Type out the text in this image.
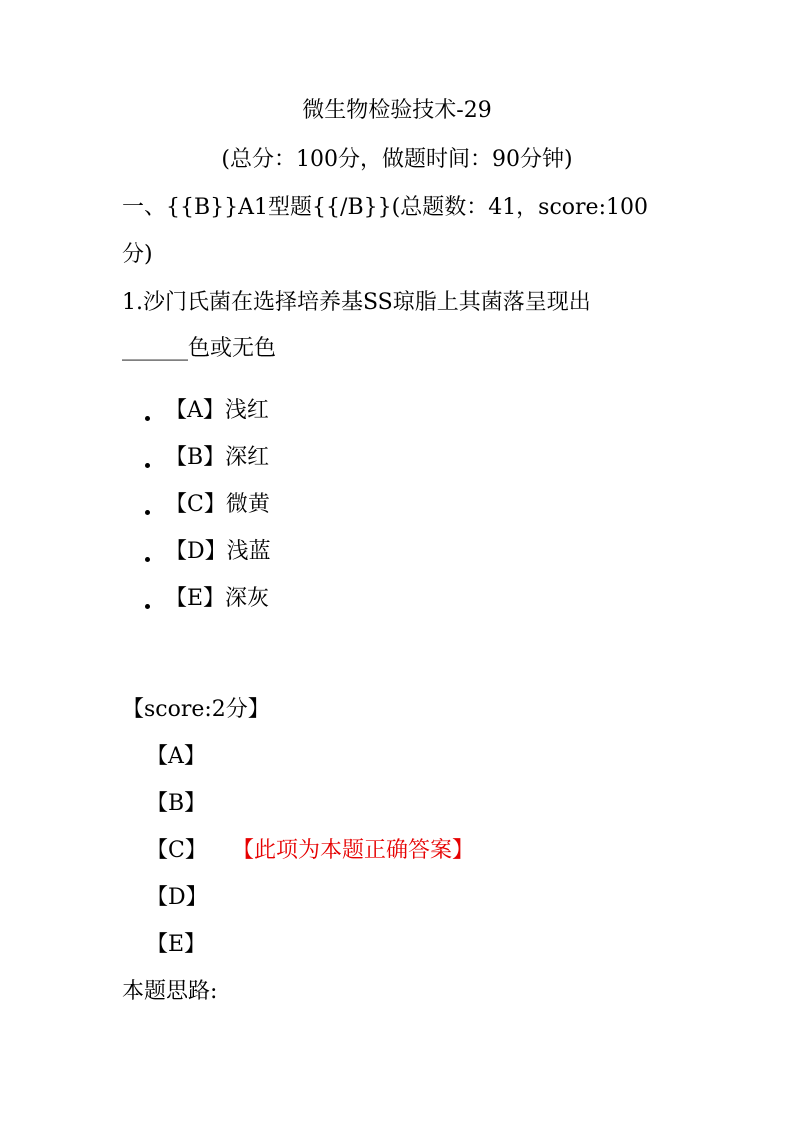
微生物检验技术-29
(总分：100分，做题时间：90分钟)
一、{{B}}A1型题{{/B}}(总题数：41，score:100
分)
1.沙门氏菌在选择培养基SS琼脂上其菌落呈现出
______色或无色
【A】浅红
【B】深红
【C】微黄
【D】浅蓝
【E】深灰
【score:2分】
【A】
【B】
【C】 【此项为本题正确答案】
【D】
【E】
本题思路:
